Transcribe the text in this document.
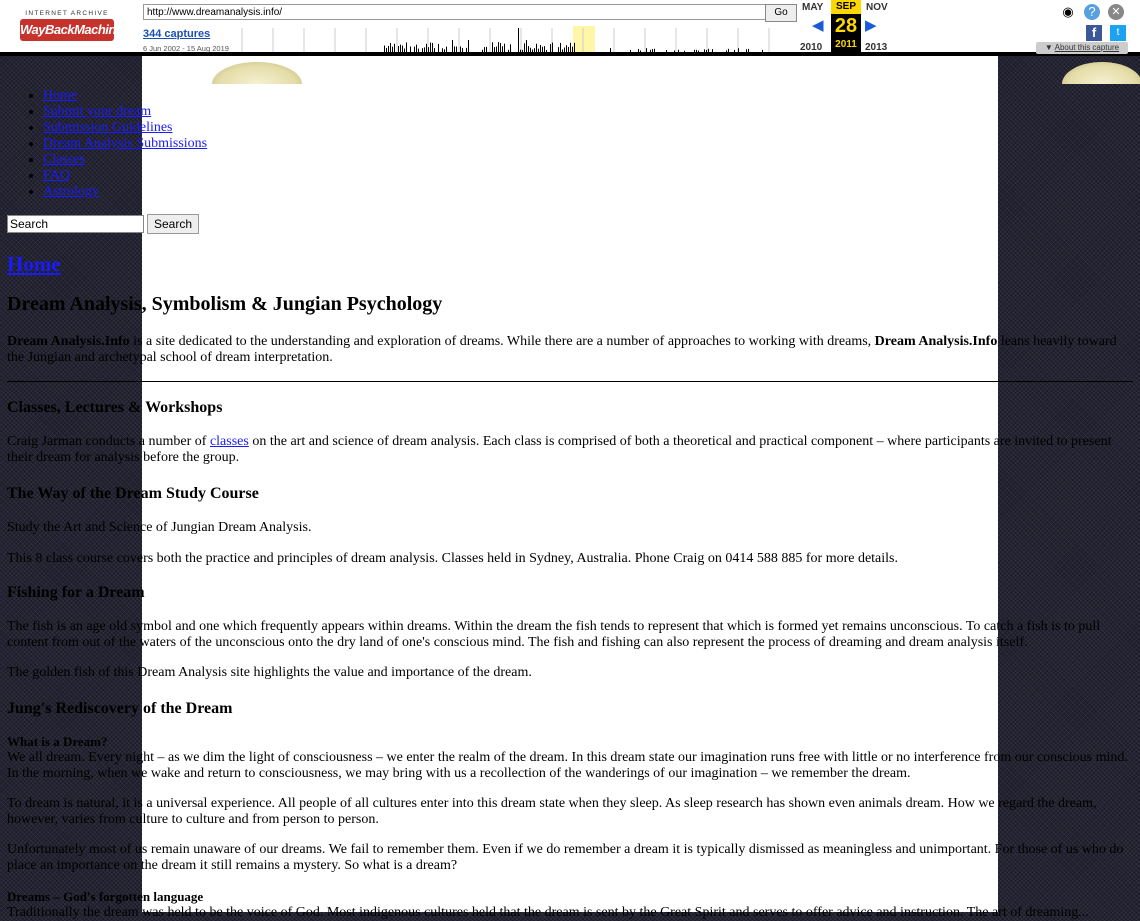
INTERNET ARCHIVE
WayBackMachine
http://www.dreamanalysis.info/
Go
344 captures
6 Jun 2002 - 15 Aug 2019
MAY	NOV
◀	▶
SEP
28
2011
2010	2013
◉	?	✕
f	t
▼ About this capture
• Home
• Submit your dream
• Submission Guidelines
• Dream Analysis Submissions
• Classes
• FAQ
• Astrology
SearchSearch
Home
Dream Analysis, Symbolism & Jungian Psychology

Dream Analysis.Info is a site dedicated to the understanding and exploration of dreams. While there are a number of approaches to working with dreams, Dream Analysis.Info leans heavily toward the Jungian and archetypal school of dream interpretation.

Classes, Lectures & Workshops

Craig Jarman conducts a number of classes on the art and science of dream analysis. Each class is comprised of both a theoretical and practical component – where participants are invited to present their dream for analysis before the group.

The Way of the Dream Study Course

Study the Art and Science of Jungian Dream Analysis.

This 8 class course covers both the practice and principles of dream analysis. Classes held in Sydney, Australia. Phone Craig on 0414 588 885 for more details.

Fishing for a Dream

The fish is an age old symbol and one which frequently appears within dreams. Within the dream the fish tends to represent that which is formed yet remains unconscious. To catch a fish is to pull content from out of the waters of the unconscious onto the dry land of one's conscious mind. The fish and fishing can also represent the process of dreaming and dream analysis itself.

The golden fish of this Dream Analysis site highlights the value and importance of the dream.

Jung's Rediscovery of the Dream

What is a Dream?
We all dream. Every night – as we dim the light of consciousness – we enter the realm of the dream. In this dream state our imagination runs free with little or no interference from our conscious mind. In the morning, when we wake and return to consciousness, we may bring with us a recollection of the wanderings of our imagination – we remember the dream.

To dream is natural, it is a universal experience. All people of all cultures enter into this dream state when they sleep. As sleep research has shown even animals dream. How we regard the dream, however, varies from culture to culture and from person to person.

Unfortunately most of us remain unaware of our dreams. We fail to remember them. Even if we do remember a dream it is typically dismissed as meaningless and unimportant. For those of us who do place an importance on the dream it still remains a mystery. So what is a dream?

Dreams – God's forgotten language
Traditionally the dream was held to be the voice of God. Most indigenous cultures held that the dream is sent by the Great Spirit and serves to offer advice and instruction. The art of dreaming...
